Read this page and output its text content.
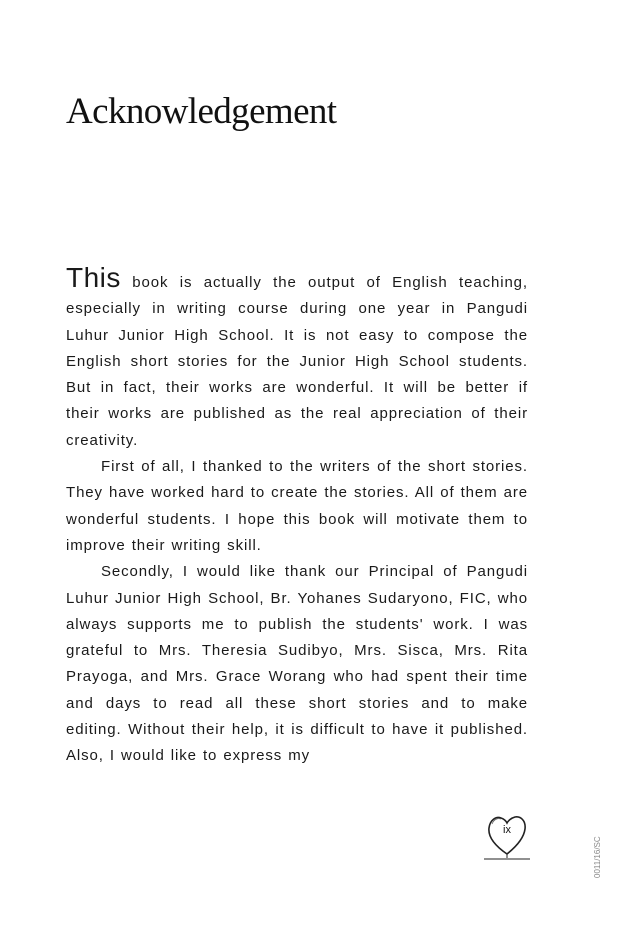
Acknowledgement

This book is actually the output of English teaching, especially in writing course during one year in Pangudi Luhur Junior High School. It is not easy to compose the English short stories for the Junior High School students. But in fact, their works are wonderful. It will be better if their works are published as the real appreciation of their creativity.

First of all, I thanked to the writers of the short stories. They have worked hard to create the stories. All of them are wonderful students. I hope this book will motivate them to improve their writing skill.

Secondly, I would like thank our Principal of Pangudi Luhur Junior High School, Br. Yohanes Sudaryono, FIC, who always supports me to publish the students' work. I was grateful to Mrs. Theresia Sudibyo, Mrs. Sisca, Mrs. Rita Prayoga, and Mrs. Grace Worang who had spent their time and days to read all these short stories and to make editing. Without their help, it is difficult to have it published. Also, I would like to express my

ix
0011/16/SC
